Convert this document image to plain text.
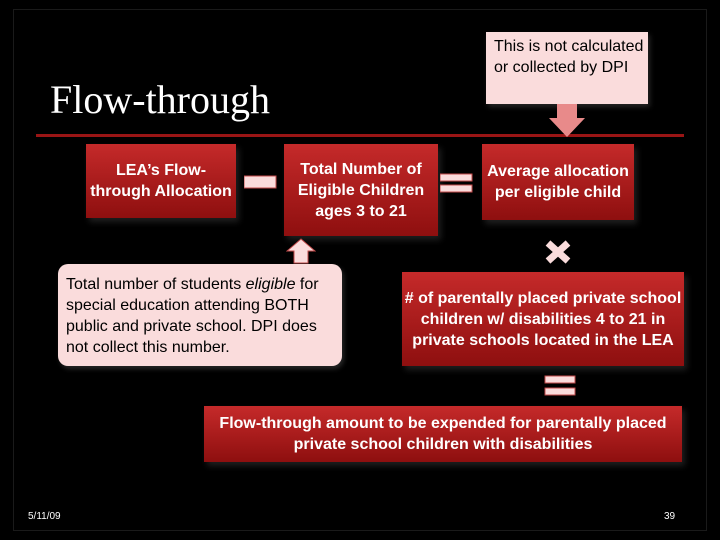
Flow-through
This is not calculated or collected by DPI
LEA’s Flow-through Allocation
Total Number of Eligible Children ages 3 to 21
Average allocation per eligible child
Total number of students eligible for special education attending BOTH public and private school. DPI does not collect this number.
# of parentally placed private school children w/ disabilities 4 to 21 in private schools located in the LEA
Flow-through amount to be expended for parentally placed private school children with disabilities
5/11/09	39
